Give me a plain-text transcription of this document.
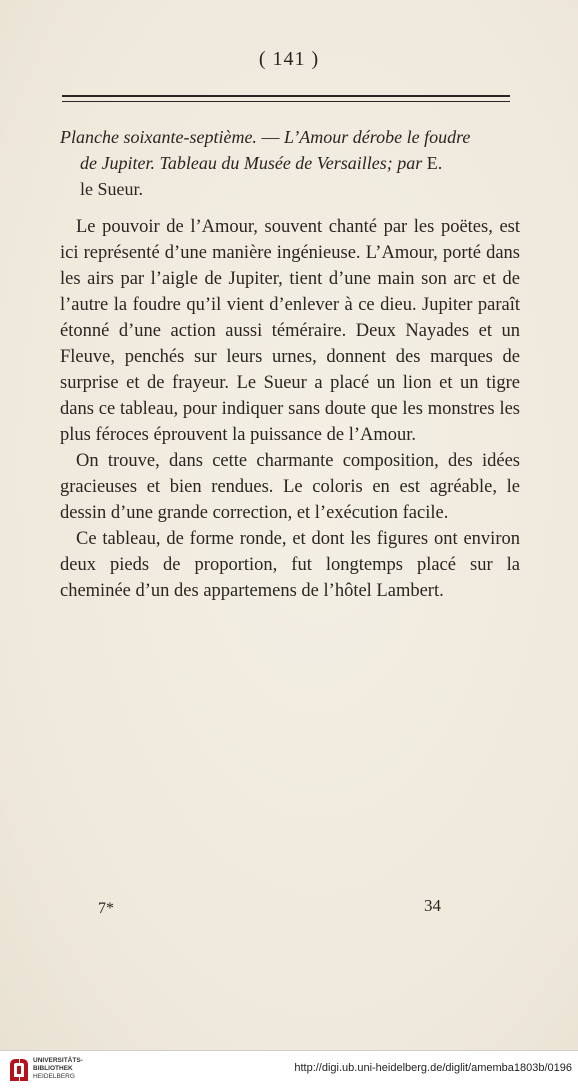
( 141 )
Planche soixante-septième. — L’Amour dérobe le foudre
de Jupiter. Tableau du Musée de Versailles; par E.
le Sueur.

Le pouvoir de l’Amour, souvent chanté par les poëtes, est ici représenté d’une manière ingénieuse. L’Amour, porté dans les airs par l’aigle de Jupiter, tient d’une main son arc et de l’autre la foudre qu’il vient d’enlever à ce dieu. Jupiter paraît étonné d’une action aussi téméraire. Deux Nayades et un Fleuve, penchés sur leurs urnes, donnent des marques de surprise et de frayeur. Le Sueur a placé un lion et un tigre dans ce tableau, pour indiquer sans doute que les monstres les plus féroces éprouvent la puissance de l’Amour.

On trouve, dans cette charmante composition, des idées gracieuses et bien rendues. Le coloris en est agréable, le dessin d’une grande correction, et l’exécution facile.

Ce tableau, de forme ronde, et dont les figures ont environ deux pieds de proportion, fut longtemps placé sur la cheminée d’un des appartemens de l’hôtel Lambert.

7*	34
UNIVERSITÄTS-
BIBLIOTHEK
HEIDELBERG
http://digi.ub.uni-heidelberg.de/diglit/amemba1803b/0196
